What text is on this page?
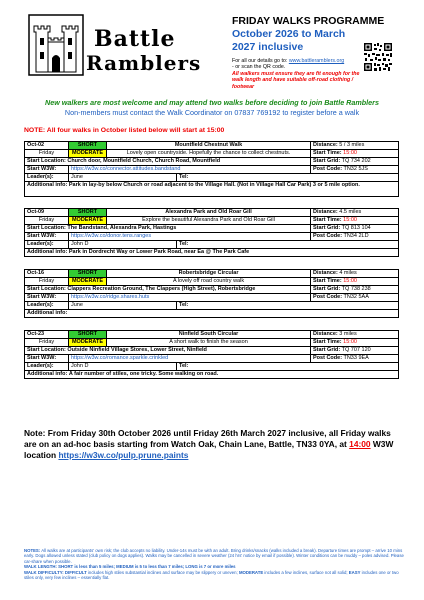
Battle
Ramblers
FRIDAY WALKS PROGRAMME
October 2026 to March 2027 inclusive
For all our details go to: www.battleramblers.org
- or scan the QR code.
All walkers must ensure they are fit enough for the walk length and have suitable off-road clothing / footwear
New walkers are most welcome and may attend two walks before deciding to join Battle Ramblers
Non-members must contact the Walk Coordinator on 07837 769192 to register before a walk
NOTE: All four walks in October listed below will start at 15:00
Oct-02	SHORT	Mountfield Chestnut Walk		Distance: 5 / 3 miles
Friday	MODERATE	Lovely open countryside. Hopefully the chance to collect chestnuts.		Start Time: 15:00
Start Location: Church door, Mountfield Church, Church Road, Mountfield				Start Grid: TQ 734 202
Start W3W:	https://w3w.co/connector.attitudes.bandstand			Post Code: TN32 5JS
Leader(s):	June		Tel:	
Additional info: Park in lay-by below Church or road adjacent to the Village Hall. (Not in Village Hall Car Park) 3 or 5 mile option.				
Oct-09	SHORT	Alexandra Park and Old Roar Gill		Distance: 4.5 miles
Friday	MODERATE	Explore the beautiful Alexandra Park and Old Roar Gill		Start Time: 15:00
Start Location: The Bandstand, Alexandra Park, Hastings				Start Grid: TQ 813 104
Start W3W:	https://w3w.co/donor.tens.ranges			Post Code: TN34 2LD
Leader(s):	John D		Tel:	
Additional info: Park in Dordrecht Way or Lower Park Road, near Ea @ The Park Cafe				
Oct-16	SHORT	Robertsbridge Circular		Distance: 4 miles
Friday	MODERATE	A lovely off road country walk		Start Time: 15:00
Start Location: Clappers Recreation Ground, The Clappers (High Street), Robertsbridge				Start Grid: TQ 738 238
Start W3W:	https://w3w.co/ridge.shares.huts			Post Code: TN32 5AA
Leader(s):	June		Tel:	
Additional info:				
Oct-23	SHORT	Ninfield South Circular		Distance: 3 miles
Friday	MODERATE	A short walk to finish the season		Start Time: 15:00
Start Location: Outside Ninfield Village Stores, Lower Street, Ninfield				Start Grid: TQ 707 120
Start W3W:	https://w3w.co/romance.sparkle.crinkled			Post Code: TN33 9EA
Leader(s):	John D		Tel:	
Additional info: A fair number of stiles, one tricky. Some walking on road.				
Note: From Friday 30th October 2026 until Friday 26th March 2027 inclusive, all Friday walks are on an ad-hoc basis starting from Watch Oak, Chain Lane, Battle, TN33 0YA, at 14:00 W3W location https://w3w.co/pulp.prune.paints
NOTES: All walks are at participants' own risk; the club accepts no liability. Under-14s must be with an adult. Bring drinks/snacks (walks included a break). Departure times are prompt – arrive 10 mins early. Dogs allowed unless stated (club policy on dogs applies). Walks may be cancelled in severe weather (24 hrs' notice by email if possible). Winter conditions can be muddy – poles advised. Please car-share when possible.
WALK LENGTH: SHORT is less than 5 miles; MEDIUM is 5 to less than 7 miles; LONG is 7 or more miles
WALK DIFFICULTY: DIFFICULT includes high stiles substantial inclines and surface may be slippery or uneven; MODERATE includes a few inclines, surface not all solid; EASY includes one or two stiles only, very few inclines – essentially flat.
